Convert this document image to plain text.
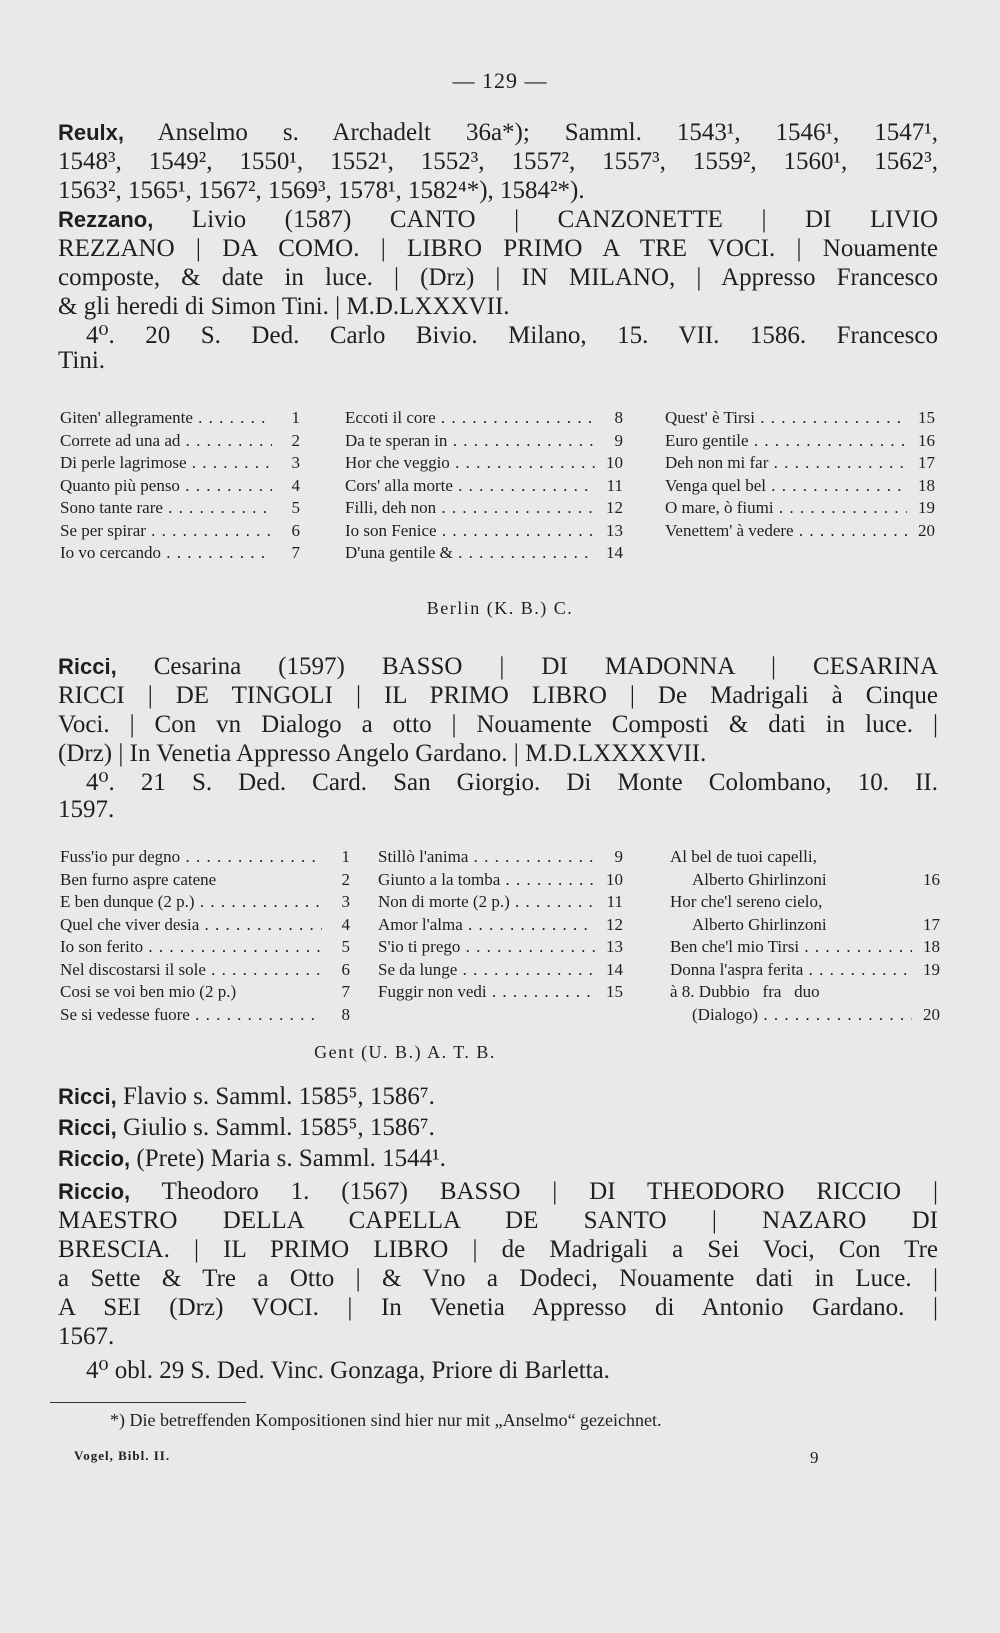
— 129 —
Reulx, Anselmo s. Archadelt 36a*); Samml. 1543¹, 1546¹, 1547¹,
1548³, 1549², 1550¹, 1552¹, 1552³, 1557², 1557³, 1559², 1560¹, 1562³,
1563², 1565¹, 1567², 1569³, 1578¹, 1582⁴*), 1584²*).
Rezzano, Livio (1587) CANTO | CANZONETTE | DI LIVIO
REZZANO | DA COMO. | LIBRO PRIMO A TRE VOCI. | Nouamente
composte, & date in luce. | (Drz) | IN MILANO, | Appresso Francesco
& gli heredi di Simon Tini. | M.D.LXXXVII.
4⁰. 20 S. Ded. Carlo Bivio. Milano, 15. VII. 1586. Francesco
Tini.
Giten' allegramente . . .	1
Correte ad una ad . . .	2
Di perle lagrimose . . .	3
Quanto più penso . . .	4
Sono tante rare . . .	5
Se per spirar . . .	6
Io vo cercando . . .	7
Eccoti il core . . .	8
Da te speran in . . .	9
Hor che veggio . . .	10
Cors' alla morte . . .	11
Filli, deh non . . .	12
Io son Fenice . . .	13
D'una gentile & . . .	14
Quest' è Tirsi . . .	15
Euro gentile . . .	16
Deh non mi far . . .	17
Venga quel bel . . .	18
O mare, ò fiumi . . .	19
Venettem' à vedere . . .	20
Berlin (K. B.) C.
Ricci, Cesarina (1597) BASSO | DI MADONNA | CESARINA
RICCI | DE TINGOLI | IL PRIMO LIBRO | De Madrigali à Cinque
Voci. | Con vn Dialogo a otto | Nouamente Composti & dati in luce. |
(Drz) | In Venetia Appresso Angelo Gardano. | M.D.LXXXXVII.
4⁰. 21 S. Ded. Card. San Giorgio. Di Monte Colombano, 10. II.
1597.
Fuss'io pur degno . . .	1
Ben furno aspre catene	2
E ben dunque (2 p.) . . .	3
Quel che viver desia . . .	4
Io son ferito . . .	5
Nel discostarsi il sole . . .	6
Cosi se voi ben mio (2 p.)	7
Se si vedesse fuore . . .	8
Stillò l'anima . . .	9
Giunto a la tomba . . .	10
Non di morte (2 p.) . . .	11
Amor l'alma . . .	12
S'io ti prego . . .	13
Se da lunge . . .	14
Fuggir non vedi . . .	15
Al bel de tuoi capelli,
Alberto Ghirlinzoni	16
Hor che'l sereno cielo,
Alberto Ghirlinzoni	17
Ben che'l mio Tirsi . . .	18
Donna l'aspra ferita . . .	19
à 8. Dubbio   fra   duo
(Dialogo) . . .	20
Gent (U. B.) A. T. B.
Ricci, Flavio s. Samml. 1585⁵, 1586⁷.
Ricci, Giulio s. Samml. 1585⁵, 1586⁷.
Riccio, (Prete) Maria s. Samml. 1544¹.
Riccio, Theodoro 1. (1567) BASSO | DI THEODORO RICCIO |
MAESTRO DELLA CAPELLA DE SANTO | NAZARO DI
BRESCIA. | IL PRIMO LIBRO | de Madrigali a Sei Voci, Con Tre
a Sette & Tre a Otto | & Vno a Dodeci, Nouamente dati in Luce. |
A SEI (Drz) VOCI. | In Venetia Appresso di Antonio Gardano. |
1567.
4⁰ obl. 29 S. Ded. Vinc. Gonzaga, Priore di Barletta.
*) Die betreffenden Kompositionen sind hier nur mit „Anselmo“ gezeichnet.
Vogel, Bibl. II.	9
